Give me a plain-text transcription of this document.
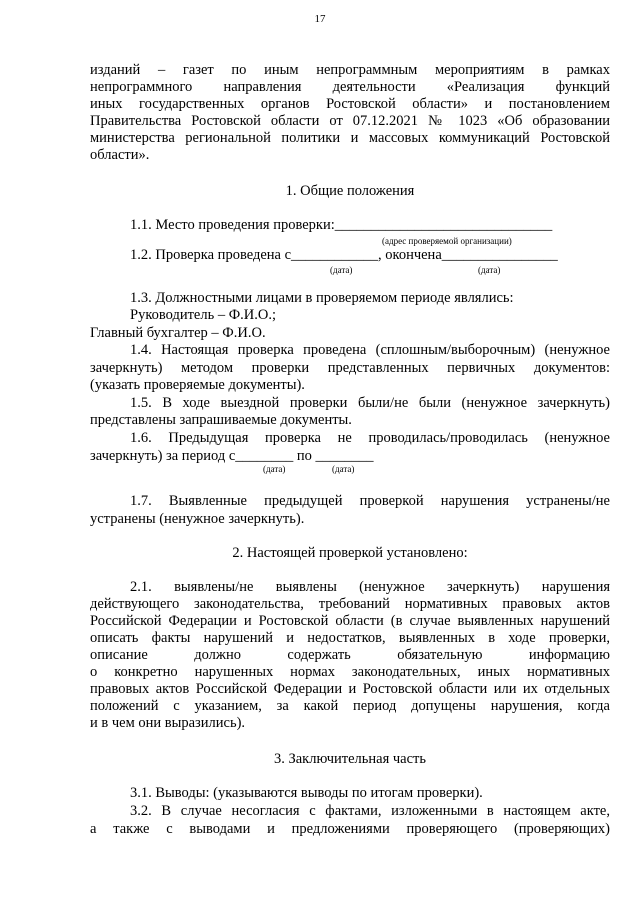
17
изданий – газет по иным непрограммным мероприятиям в рамках
непрограммного направления деятельности «Реализация функций
иных государственных органов Ростовской области» и постановлением
Правительства Ростовской области от 07.12.2021 № 1023 «Об образовании
министерства региональной политики и массовых коммуникаций Ростовской
области».
1. Общие положения
1.1. Место проведения проверки:______________________________
(адрес проверяемой организации)
1.2. Проверка проведена с____________, окончена________________
(дата)	(дата)
1.3. Должностными лицами в проверяемом периоде являлись:
Руководитель – Ф.И.О.;
Главный бухгалтер – Ф.И.О.
1.4. Настоящая проверка проведена (сплошным/выборочным) (ненужное
зачеркнуть) методом проверки представленных первичных документов:
(указать проверяемые документы).
1.5. В ходе выездной проверки были/не были (ненужное зачеркнуть)
представлены запрашиваемые документы.
1.6. Предыдущая проверка не проводилась/проводилась (ненужное
зачеркнуть) за период с________ по ________
(дата)	(дата)
1.7. Выявленные предыдущей проверкой нарушения устранены/не
устранены (ненужное зачеркнуть).
2. Настоящей проверкой установлено:
2.1. выявлены/не выявлены (ненужное зачеркнуть) нарушения
действующего законодательства, требований нормативных правовых актов
Российской Федерации и Ростовской области (в случае выявленных нарушений
описать факты нарушений и недостатков, выявленных в ходе проверки,
описание должно содержать обязательную информацию
о конкретно нарушенных нормах законодательных, иных нормативных
правовых актов Российской Федерации и Ростовской области или их отдельных
положений с указанием, за какой период допущены нарушения, когда
и в чем они выразились).
3. Заключительная часть
3.1. Выводы: (указываются выводы по итогам проверки).
3.2. В случае несогласия с фактами, изложенными в настоящем акте,
а также с выводами и предложениями проверяющего (проверяющих)
